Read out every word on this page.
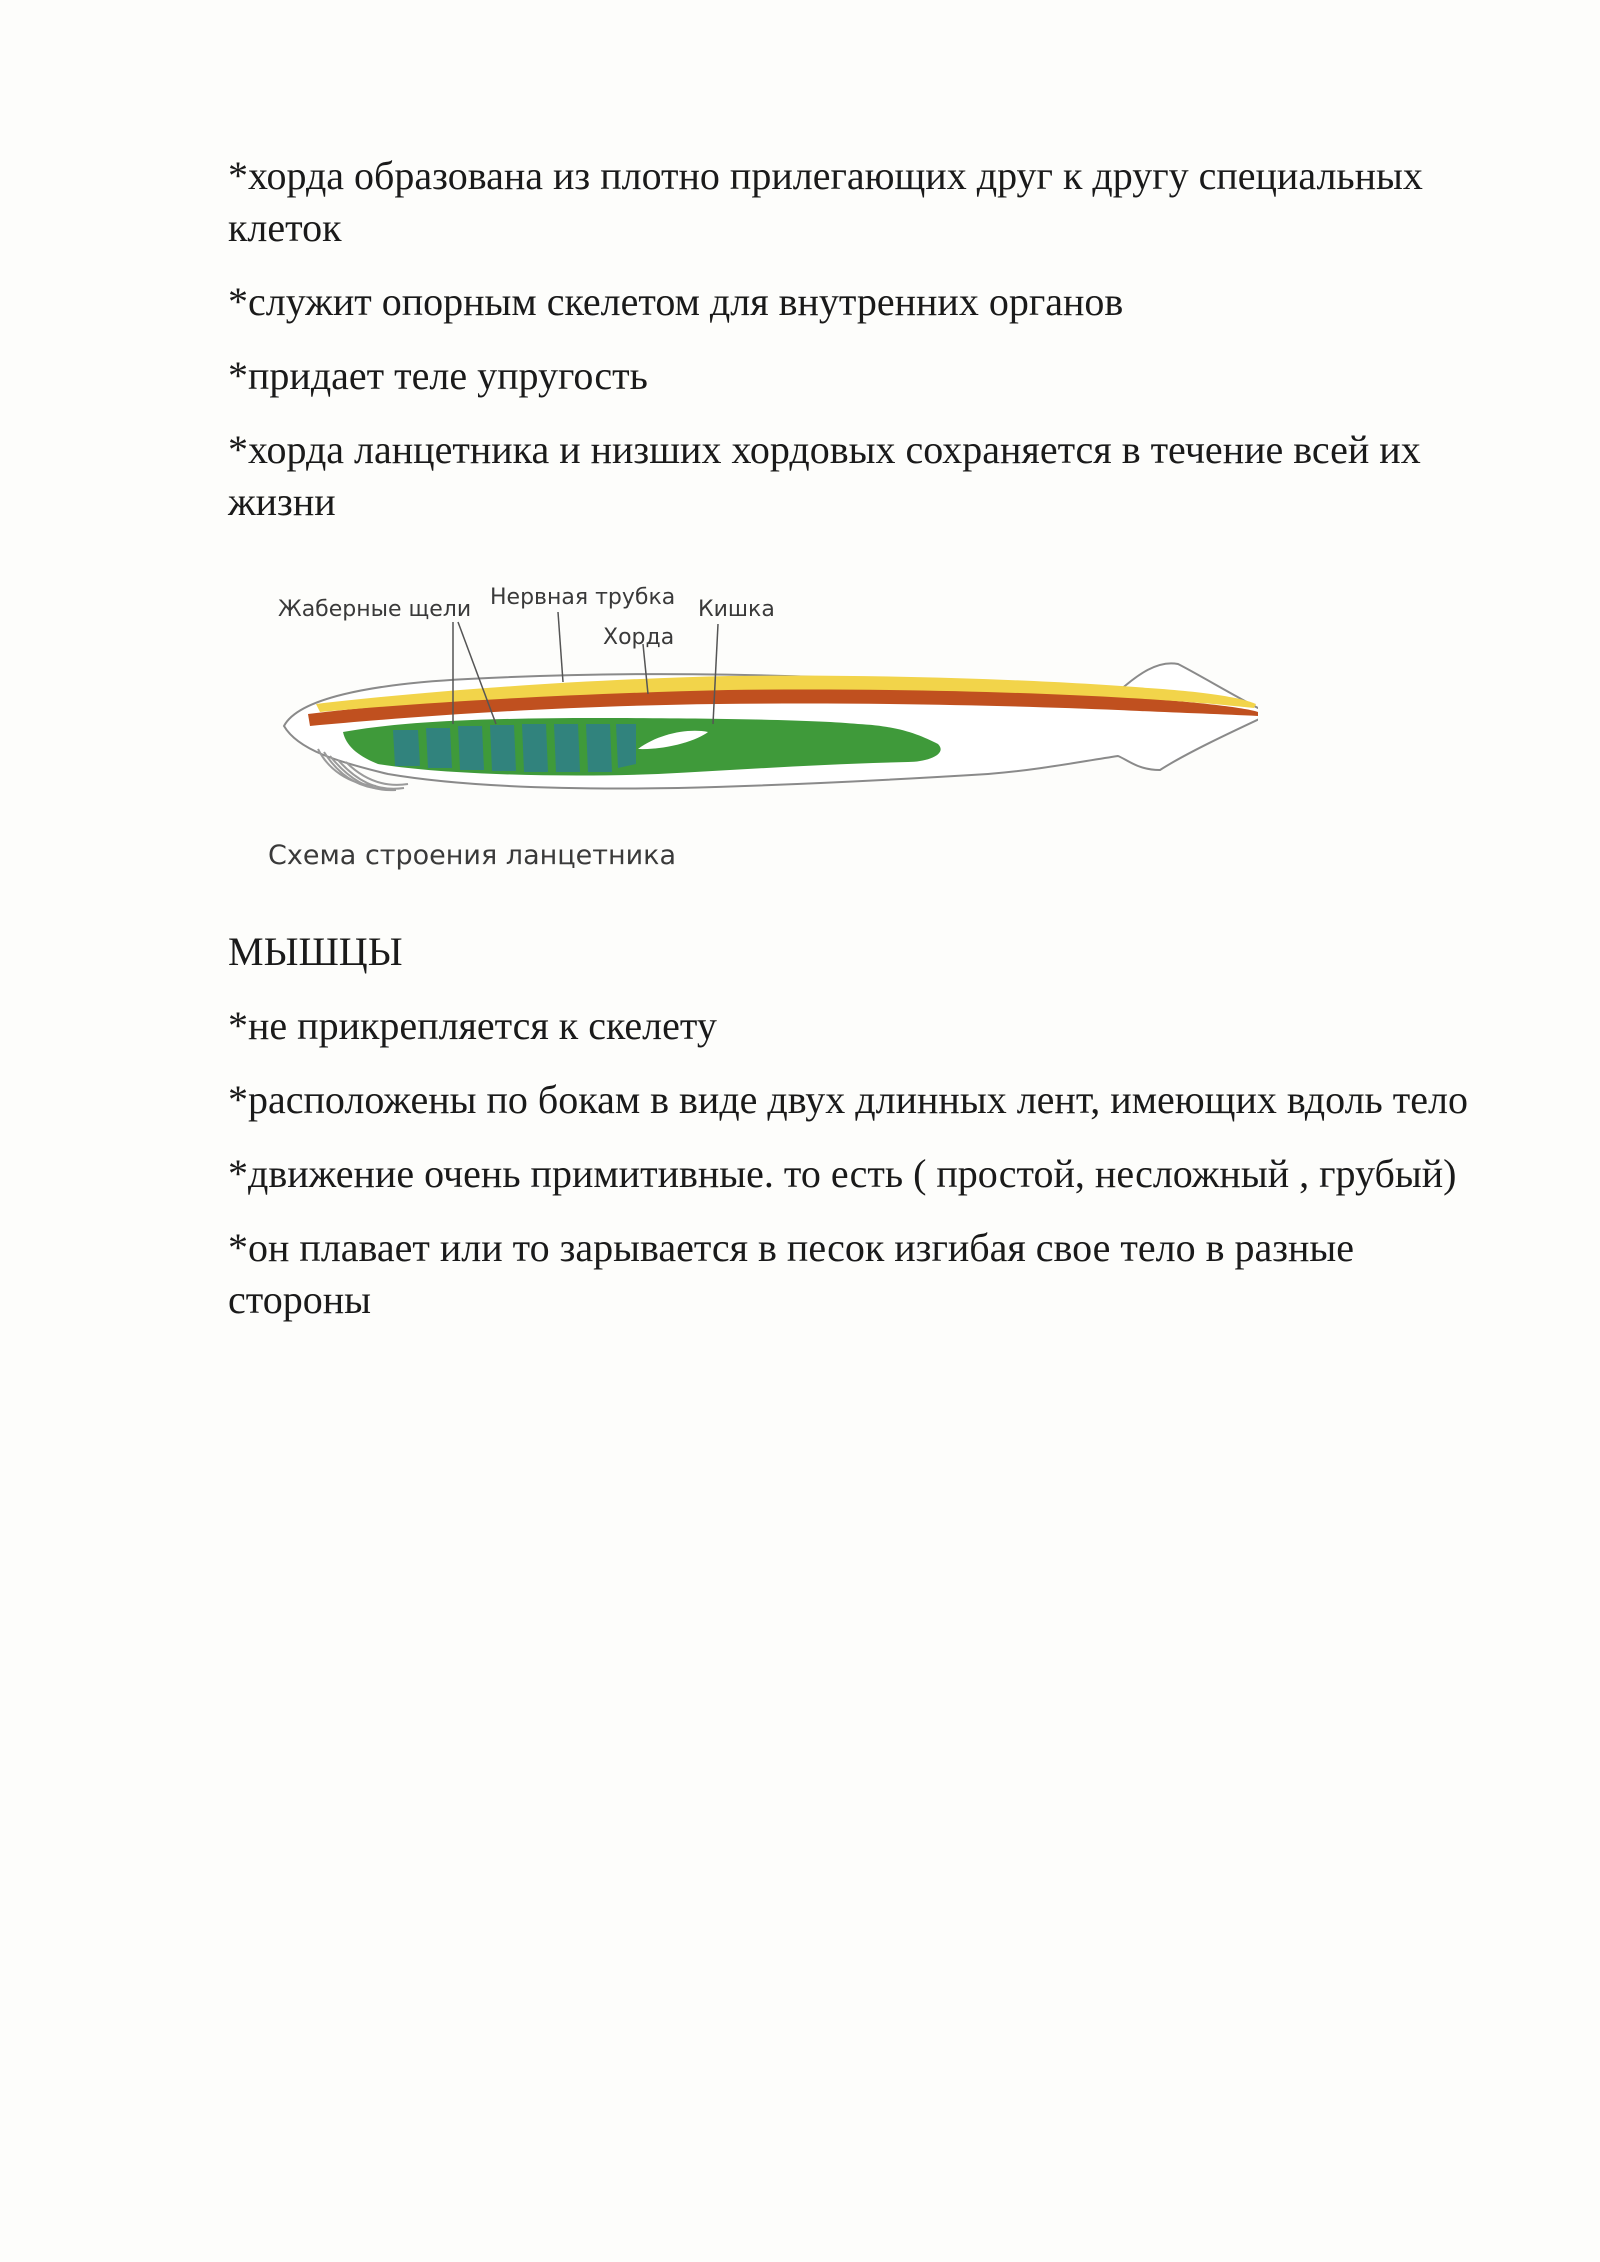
*хорда образована из плотно прилегающих друг к другу специальных клеток

*служит опорным скелетом для внутренних органов

*придает теле упругость

*хорда ланцетника и низших хордовых сохраняется в течение всей их жизни

Жаберные щели Нервная трубка
Хорда
Кишка
Схема строения ланцетника

МЫШЦЫ

*не прикрепляется к скелету

*расположены по бокам в виде двух длинных лент, имеющих вдоль тело

*движение очень примитивные. то есть ( простой, несложный , грубый)

*он плавает или то зарывается в песок изгибая свое тело в разные стороны
